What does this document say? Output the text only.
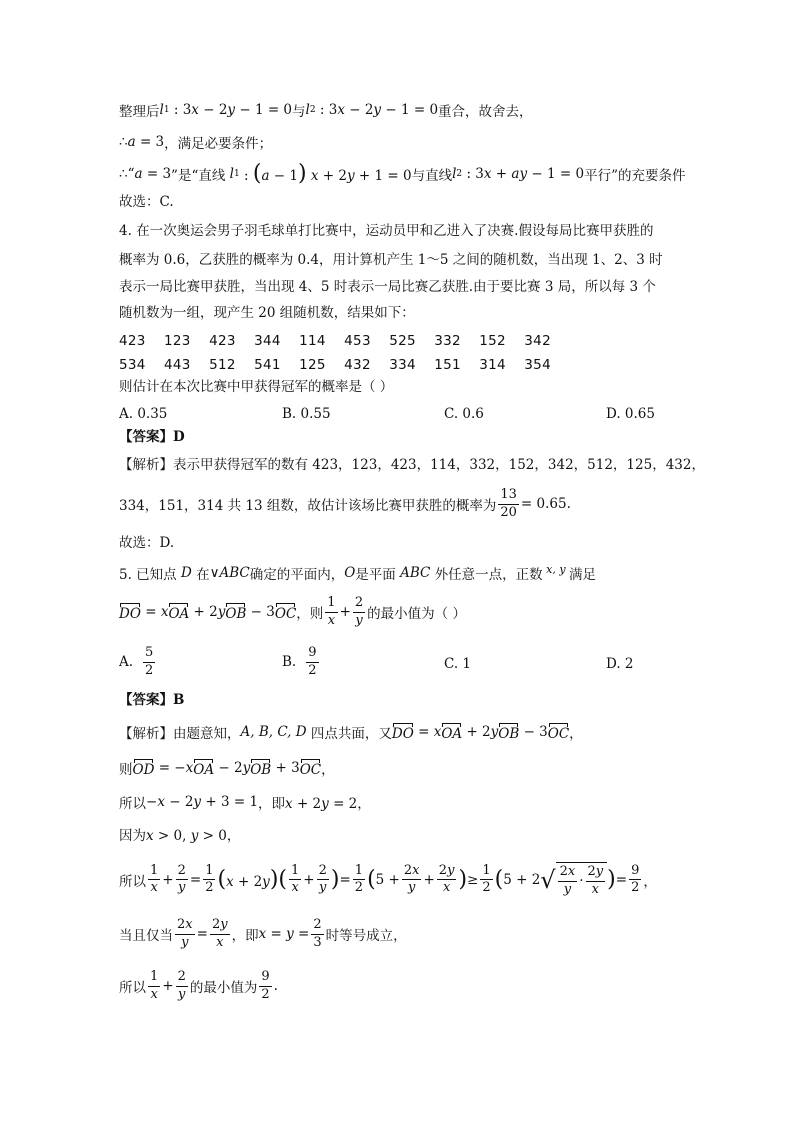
整理后 l 1 : 3x − 2y − 1 = 0 与 l 2 : 3x − 2y − 1 = 0 重合，故舍去，
∴ a = 3 ，满足必要条件；
∴“ a = 3 ”是“直线 l 1 : (a − 1) x + 2y + 1 = 0 与直线 l 2 : 3x + ay − 1 = 0 平行”的充要条件
故选：C.
4. 在一次奥运会男子羽毛球单打比赛中，运动员甲和乙进入了决赛.假设每局比赛甲获胜的
概率为 0.6，乙获胜的概率为 0.4，用计算机产生 1～5 之间的随机数，当出现 1、2、3 时
表示一局比赛甲获胜，当出现 4、5 时表示一局比赛乙获胜.由于要比赛 3 局，所以每 3 个
随机数为一组，现产生 20 组随机数，结果如下：
423    123    423    344    114    453    525    332    152    342
534    443    512    541    125    432    334    151    314    354
则估计在本次比赛中甲获得冠军的概率是（ ）
A. 0.35	B. 0.55	C. 0.6	D. 0.65
【答案】D
【解析】表示甲获得冠军的数有 423，123，423，114，332，152，342，512，125，432，
334，151，314 共 13 组数，故估计该场比赛甲获胜的概率为 $\frac{13}{20} = 0.65$.
故选：D.
5. 已知点 D 在 ∨ABC 确定的平面内， O 是平面 ABC 外任意一点，正数 x, y 满足
DO = x OA + 2y OB − 3 OC ，则 $\frac{1}{x} + \frac{2}{y}$ 的最小值为（ ）
A. $\frac{5}{2}$	B. $\frac{9}{2}$	C. 1	D. 2
【答案】B
【解析】由题意知， A, B, C, D 四点共面，又 DO = x OA + 2y OB − 3 OC ，
则 OD = −x OA − 2y OB + 3 OC ，
所以 −x − 2y + 3 = 1 ，即 x + 2y = 2，
因为 x > 0, y > 0，
所以 $\frac{1}{x} + \frac{2}{y} = \frac{1}{2} (x + 2y)$ ( $\frac{1}{x} + \frac{2}{y}$ ) = $\frac{1}{2}$ ( $5 + \frac{2x}{y} + \frac{2y}{x}$ ) ≥ $\frac{1}{2}$ ( 5 + 2 √ $\frac{2x}{y} \cdot \frac{2y}{x}$ ) = $\frac{9}{2}$ ，
当且仅当 $\frac{2x}{y} = \frac{2y}{x}$ ，即 $x = y = \frac{2}{3}$ 时等号成立，
所以 $\frac{1}{x} + \frac{2}{y}$ 的最小值为 $\frac{9}{2}$ .
